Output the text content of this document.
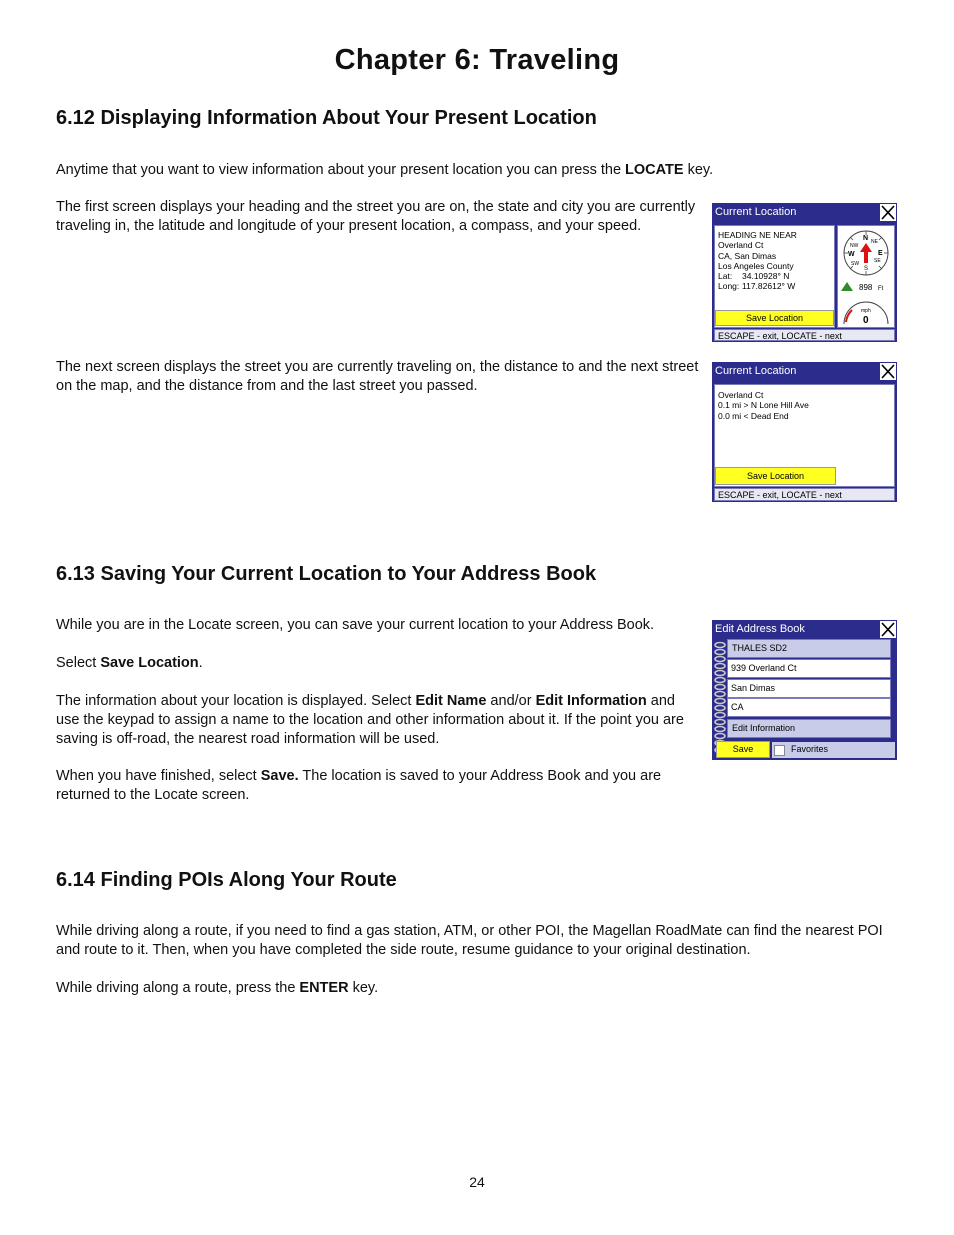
Chapter 6: Traveling
6.12 Displaying Information About Your Present Location
Anytime that you want to view information about your present location you can press the LOCATE key.
The first screen displays your heading and the street you are on, the state and city you are currently traveling in, the latitude and longitude of your present location, a compass, and your speed.
The next screen displays the street you are currently traveling on, the distance to and the next street on the map, and the distance from and the last street you passed.
Current Location
HEADING NE NEAR
Overland Ct
CA, San Dimas
Los Angeles County
Lat: 34.10928° N
Long: 117.82612° W
Save Location
N NE
E
SE
S
SW
W
NW
898 Ft
mph
0
ESCAPE - exit, LOCATE - next
Current Location
Overland Ct
0.1 mi > N Lone Hill Ave
0.0 mi < Dead End
Save Location
ESCAPE - exit, LOCATE - next
Edit Address Book
THALES SD2
939 Overland Ct
San Dimas
CA
Edit Information
Save	Favorites
6.13 Saving Your Current Location to Your Address Book
While you are in the Locate screen, you can save your current location to your Address Book.
Select Save Location.
The information about your location is displayed. Select Edit Name and/or Edit Information and use the keypad to assign a name to the location and other information about it. If the point you are saving is off-road, the nearest road information will be used.
When you have finished, select Save. The location is saved to your Address Book and you are returned to the Locate screen.
6.14 Finding POIs Along Your Route
While driving along a route, if you need to find a gas station, ATM, or other POI, the Magellan RoadMate can find the nearest POI and route to it. Then, when you have completed the side route, resume guidance to your original destination.
While driving along a route, press the ENTER key.
24
